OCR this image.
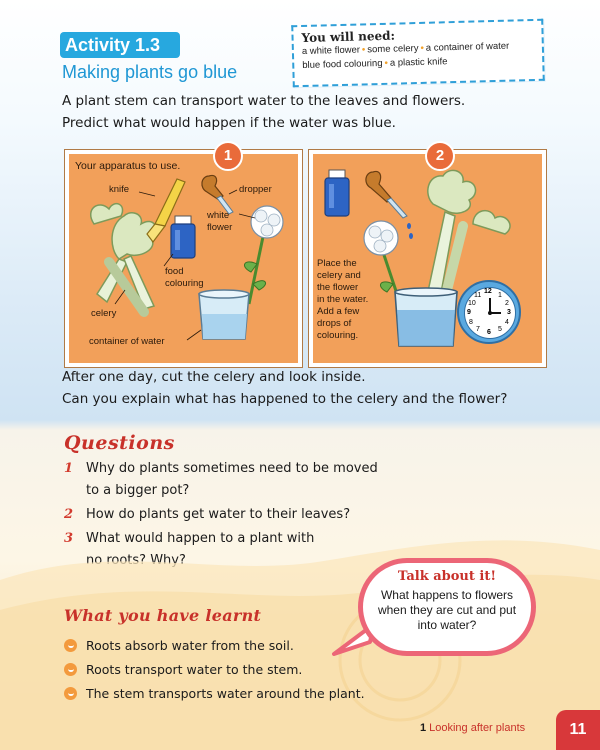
Activity 1.3
Making plants go blue
You will need:
a white flower • some celery • a container of water
blue food colouring • a plastic knife
A plant stem can transport water to the leaves and flowers.
Predict what would happen if the water was blue.
Your apparatus to use.
knife	dropper
white
flower
food
colouring
celery
container of water
1
Place the
celery and
the flower
in the water.
Add a few
drops of
colouring.
12
1
2
3
4
5
6
7
8
9
10
11
2
After one day, cut the celery and look inside.
Can you explain what has happened to the celery and the flower?
Questions
1 Why do plants sometimes need to be moved
to a bigger pot?
2 How do plants get water to their leaves?
3 What would happen to a plant with
no roots? Why?
Talk about it!
What happens to flowers when they are cut and put into water?
What you have learnt
Roots absorb water from the soil.
Roots transport water to the stem.
The stem transports water around the plant.
1 Looking after plants	11
